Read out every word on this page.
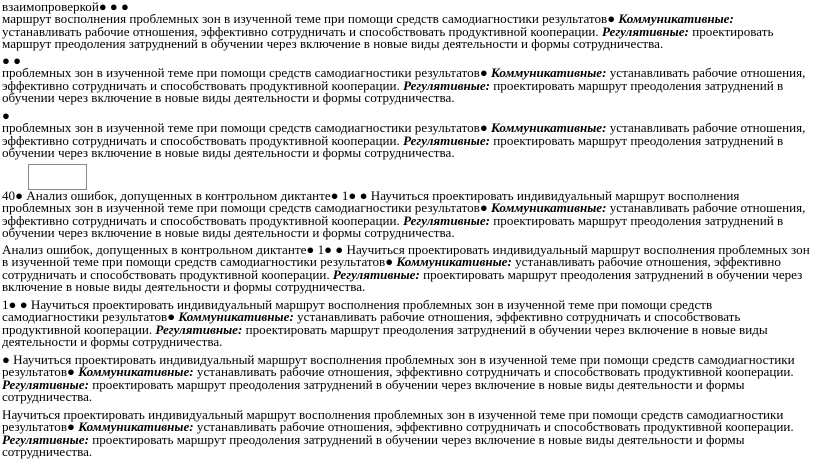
взаимопроверкой● ● ●

маршрут восполнения проблемных зон в изученной теме при помощи средств самодиагностики результатов● Коммуникативные: устанавливать рабочие отношения, эффективно сотрудничать и способствовать продуктивной кооперации. Регулятивные: проектировать маршрут преодоления затруднений в обучении через включение в новые виды деятельности и формы сотрудничества.

● ●

проблемных зон в изученной теме при помощи средств самодиагностики результатов● Коммуникативные: устанавливать рабочие отношения, эффективно сотрудничать и способствовать продуктивной кооперации. Регулятивные: проектировать маршрут преодоления затруднений в обучении через включение в новые виды деятельности и формы сотрудничества.

●

проблемных зон в изученной теме при помощи средств самодиагностики результатов● Коммуникативные: устанавливать рабочие отношения, эффективно сотрудничать и способствовать продуктивной кооперации. Регулятивные: проектировать маршрут преодоления затруднений в обучении через включение в новые виды деятельности и формы сотрудничества.

40● Анализ ошибок, допущенных в контрольном диктанте● 1● ● Научиться проектировать индивидуальный маршрут восполнения проблемных зон в изученной теме при помощи средств самодиагностики результатов● Коммуникативные: устанавливать рабочие отношения, эффективно сотрудничать и способствовать продуктивной кооперации. Регулятивные: проектировать маршрут преодоления затруднений в обучении через включение в новые виды деятельности и формы сотрудничества.

Анализ ошибок, допущенных в контрольном диктанте● 1● ● Научиться проектировать индивидуальный маршрут восполнения проблемных зон в изученной теме при помощи средств самодиагностики результатов● Коммуникативные: устанавливать рабочие отношения, эффективно сотрудничать и способствовать продуктивной кооперации. Регулятивные: проектировать маршрут преодоления затруднений в обучении через включение в новые виды деятельности и формы сотрудничества.

1● ● Научиться проектировать индивидуальный маршрут восполнения проблемных зон в изученной теме при помощи средств самодиагностики результатов● Коммуникативные: устанавливать рабочие отношения, эффективно сотрудничать и способствовать продуктивной кооперации. Регулятивные: проектировать маршрут преодоления затруднений в обучении через включение в новые виды деятельности и формы сотрудничества.

● Научиться проектировать индивидуальный маршрут восполнения проблемных зон в изученной теме при помощи средств самодиагностики результатов● Коммуникативные: устанавливать рабочие отношения, эффективно сотрудничать и способствовать продуктивной кооперации. Регулятивные: проектировать маршрут преодоления затруднений в обучении через включение в новые виды деятельности и формы сотрудничества.

Научиться проектировать индивидуальный маршрут восполнения проблемных зон в изученной теме при помощи средств самодиагностики результатов● Коммуникативные: устанавливать рабочие отношения, эффективно сотрудничать и способствовать продуктивной кооперации. Регулятивные: проектировать маршрут преодоления затруднений в обучении через включение в новые виды деятельности и формы сотрудничества.
